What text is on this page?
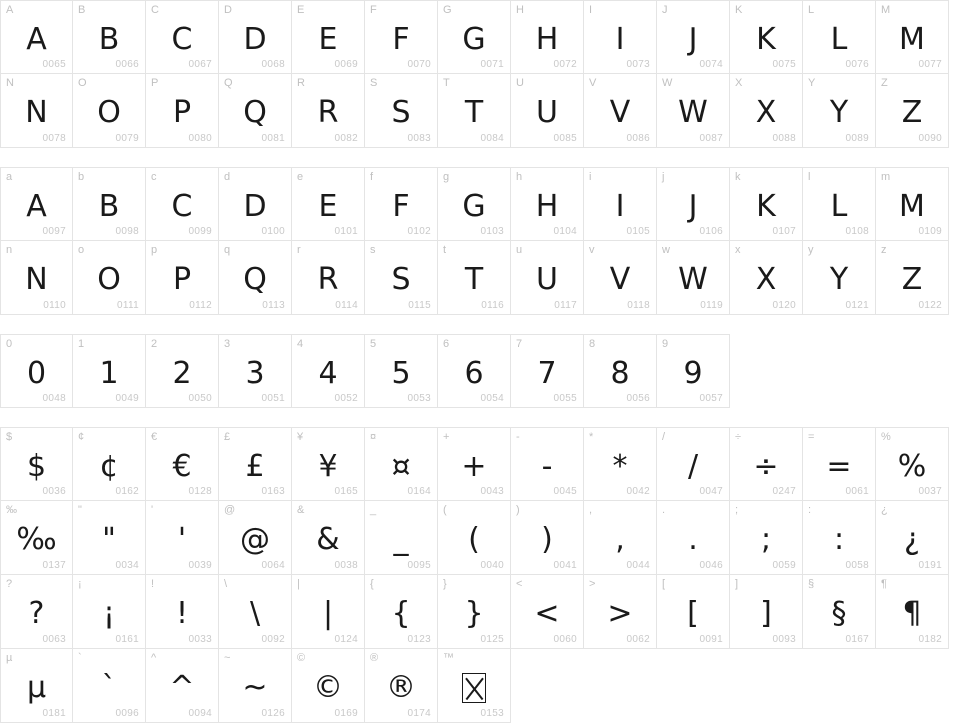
A
A
0065
B
B
0066
C
C
0067
D
D
0068
E
E
0069
F
F
0070
G
G
0071
H
H
0072
I
I
0073
J
J
0074
K
K
0075
L
L
0076
M
M
0077
N
N
0078
O
O
0079
P
P
0080
Q
Q
0081
R
R
0082
S
S
0083
T
T
0084
U
U
0085
V
V
0086
W
W
0087
X
X
0088
Y
Y
0089
Z
Z
0090
a
A
0097
b
B
0098
c
C
0099
d
D
0100
e
E
0101
f
F
0102
g
G
0103
h
H
0104
i
I
0105
j
J
0106
k
K
0107
l
L
0108
m
M
0109
n
N
0110
o
O
0111
p
P
0112
q
Q
0113
r
R
0114
s
S
0115
t
T
0116
u
U
0117
v
V
0118
w
W
0119
x
X
0120
y
Y
0121
z
Z
0122
0
0
0048
1
1
0049
2
2
0050
3
3
0051
4
4
0052
5
5
0053
6
6
0054
7
7
0055
8
8
0056
9
9
0057
$
$
0036
¢
¢
0162
€
€
0128
£
£
0163
¥
¥
0165
¤
¤
0164
+
+
0043
-
-
0045
*
*
0042
/
/
0047
÷
÷
0247
=
=
0061
%
%
0037
‰
‰
0137
"
"
0034
'
'
0039
@
@
0064
&
&
0038
_
_
0095
(
(
0040
)
)
0041
,
,
0044
.
.
0046
;
;
0059
:
:
0058
¿
¿
0191
?
?
0063
¡
¡
0161
!
!
0033
\
\
0092
|
|
0124
{
{
0123
}
}
0125
<
<
0060
>
>
0062
[
[
0091
]
]
0093
§
§
0167
¶
¶
0182
µ
µ
0181
`
`
0096
^
^
0094
~
~
0126
©
©
0169
®
®
0174
™
0153
